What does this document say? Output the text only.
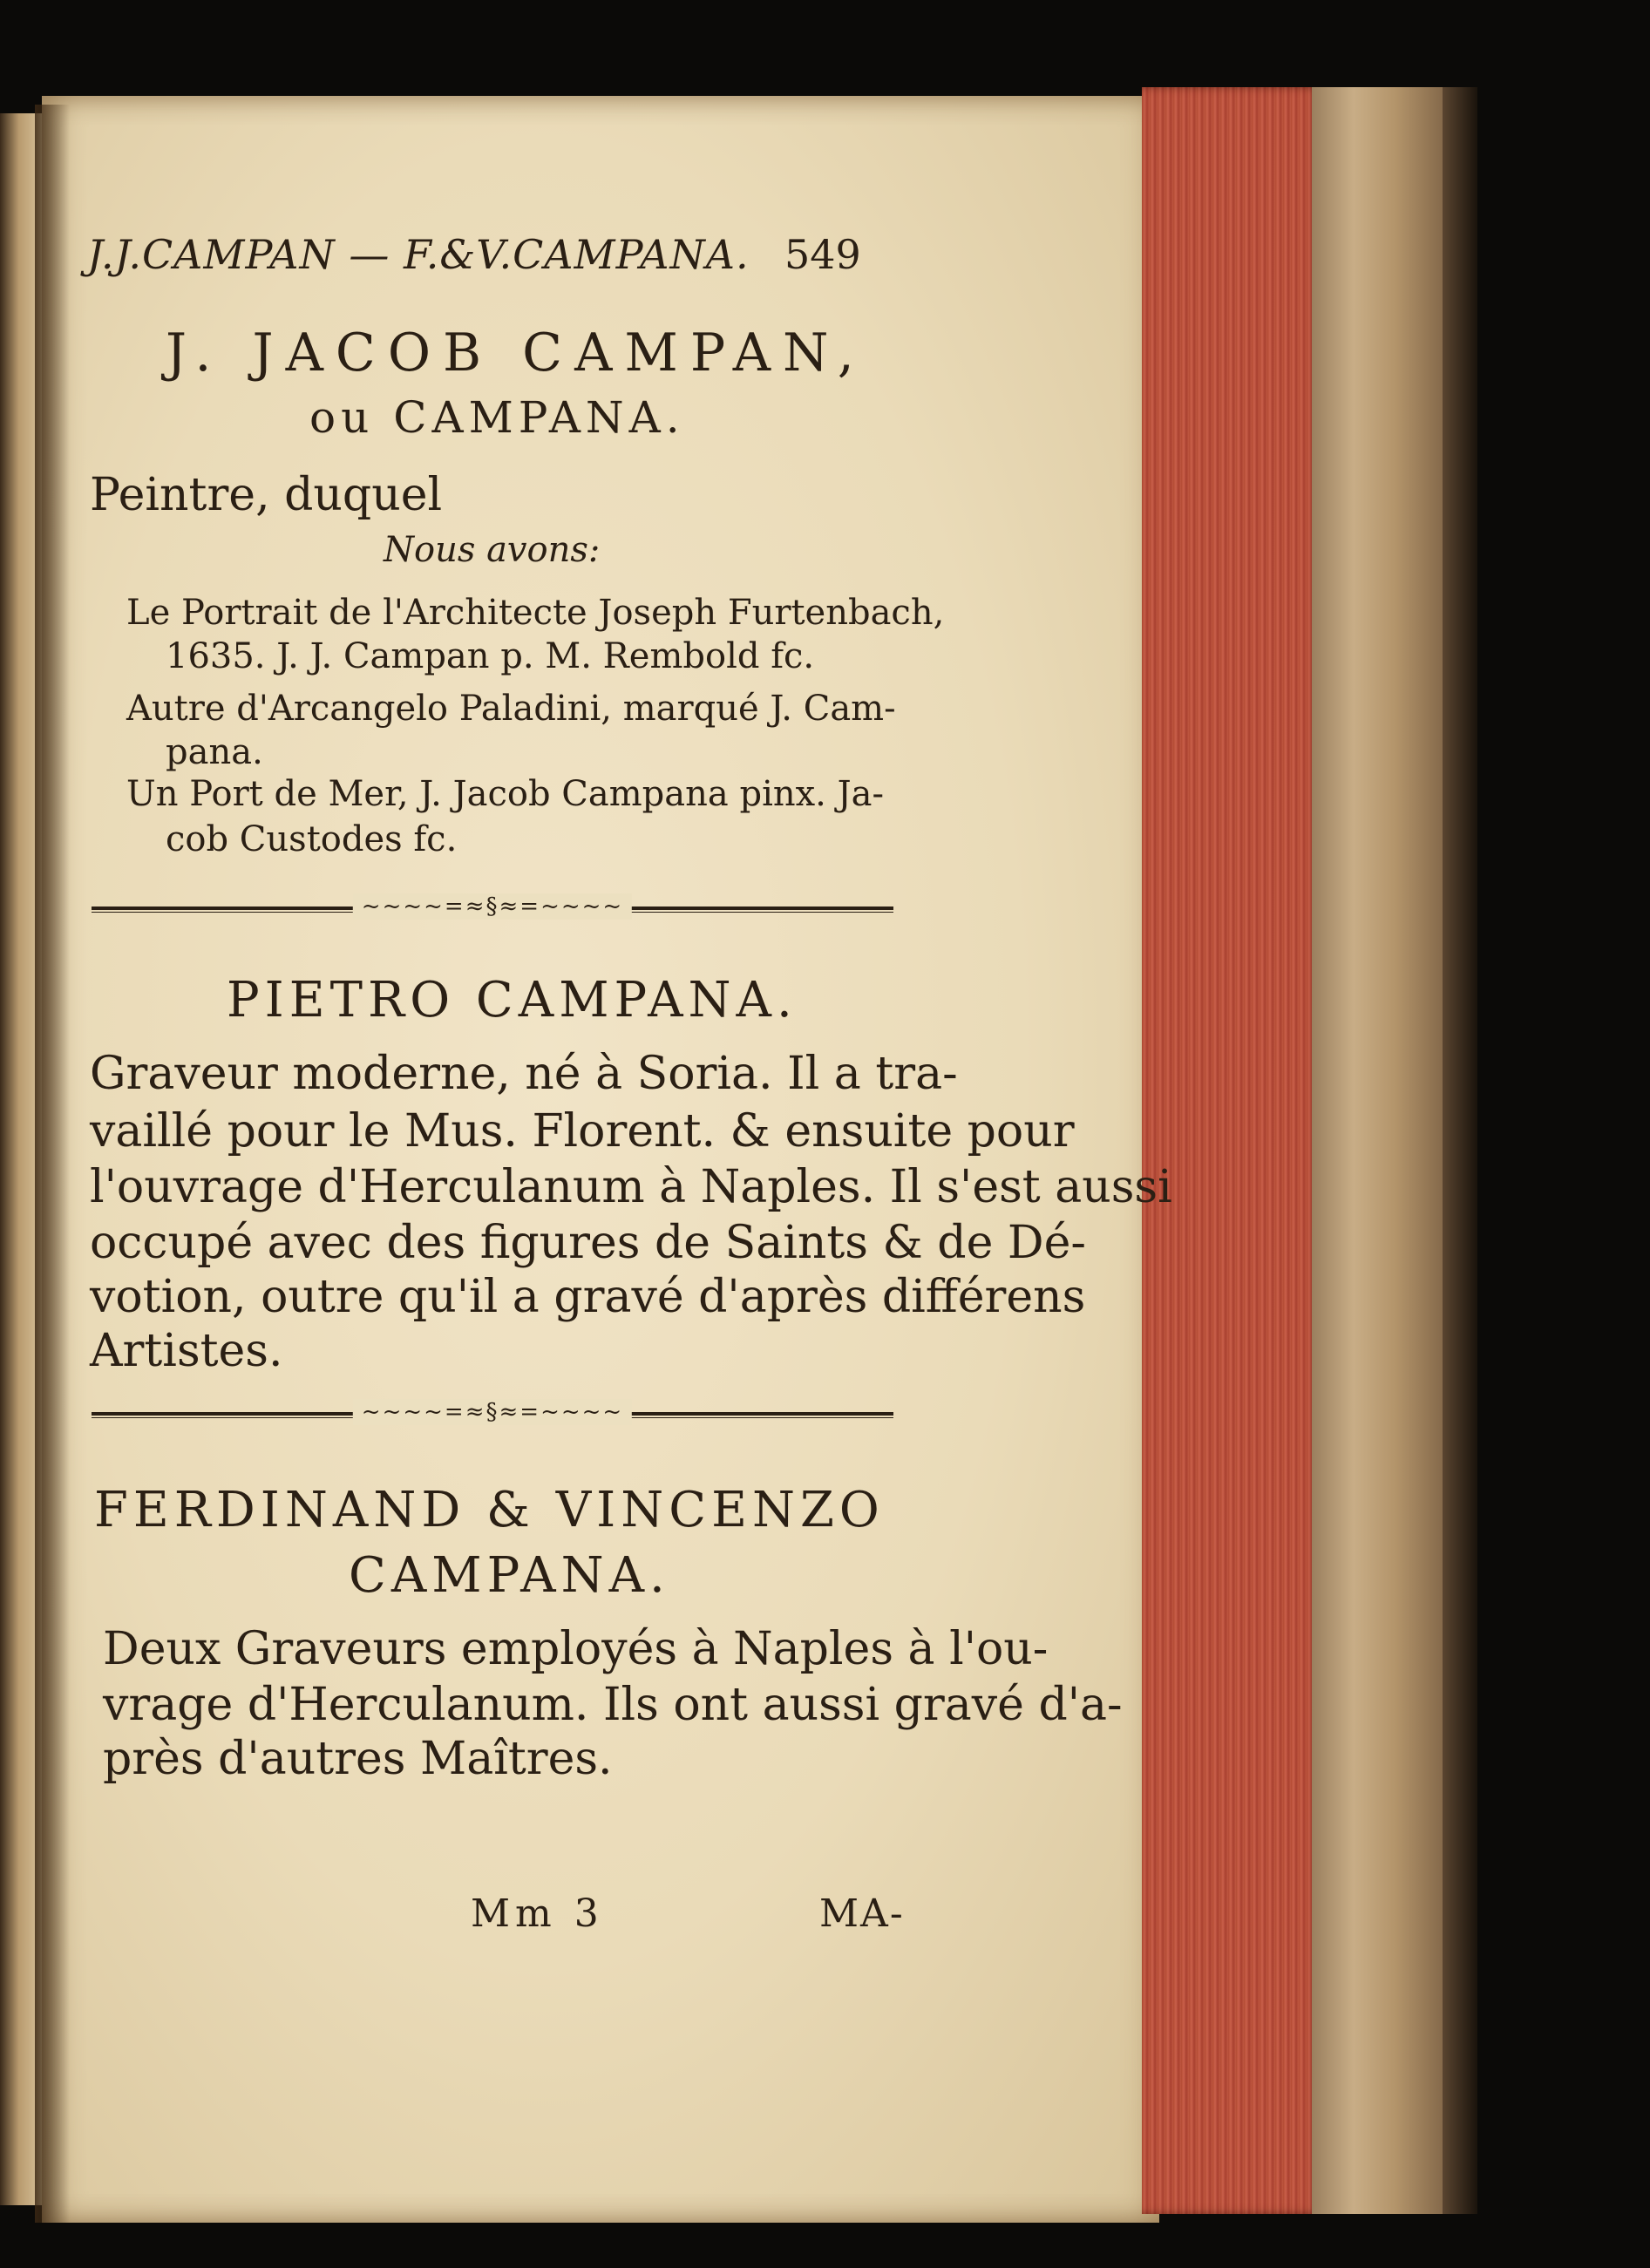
J.J.CAMPAN — F.&V.CAMPANA. 549
J. JACOB CAMPAN,
ou CAMPANA.
Peintre, duquel
Nous avons:
Le Portrait de l'Architecte Joseph Furtenbach,
1635. J. J. Campan p. M. Rembold fc.
Autre d'Arcangelo Paladini, marqué J. Cam-
pana.
Un Port de Mer, J. Jacob Campana pinx. Ja-
cob Custodes fc.
~~~~=≈§≈=~~~~
PIETRO CAMPANA.
Graveur moderne, né à Soria. Il a tra-
vaillé pour le Mus. Florent. & ensuite pour
l'ouvrage d'Herculanum à Naples. Il s'est aussi
occupé avec des figures de Saints & de Dé-
votion, outre qu'il a gravé d'après différens
Artistes.
~~~~=≈§≈=~~~~
FERDINAND & VINCENZO
CAMPANA.
Deux Graveurs employés à Naples à l'ou-
vrage d'Herculanum. Ils ont aussi gravé d'a-
près d'autres Maîtres.
Mm 3	MA-
